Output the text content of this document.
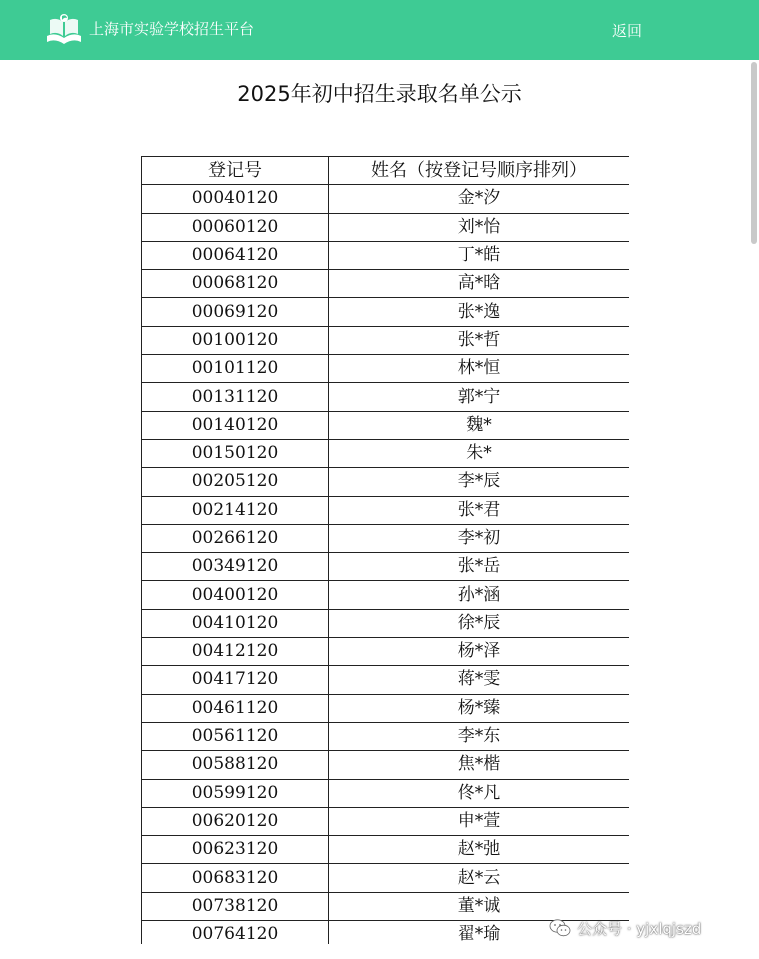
上海市实验学校招生平台	返回
2025年初中招生录取名单公示
登记号	姓名（按登记号顺序排列）
00040120	金*汐
00060120	刘*怡
00064120	丁*皓
00068120	高*晗
00069120	张*逸
00100120	张*哲
00101120	林*恒
00131120	郭*宁
00140120	魏*
00150120	朱*
00205120	李*辰
00214120	张*君
00266120	李*初
00349120	张*岳
00400120	孙*涵
00410120	徐*辰
00412120	杨*泽
00417120	蒋*雯
00461120	杨*臻
00561120	李*东
00588120	焦*楷
00599120	佟*凡
00620120	申*萱
00623120	赵*弛
00683120	赵*云
00738120	董*诚
00764120	翟*瑜	公众号 · yjxlqjszd
